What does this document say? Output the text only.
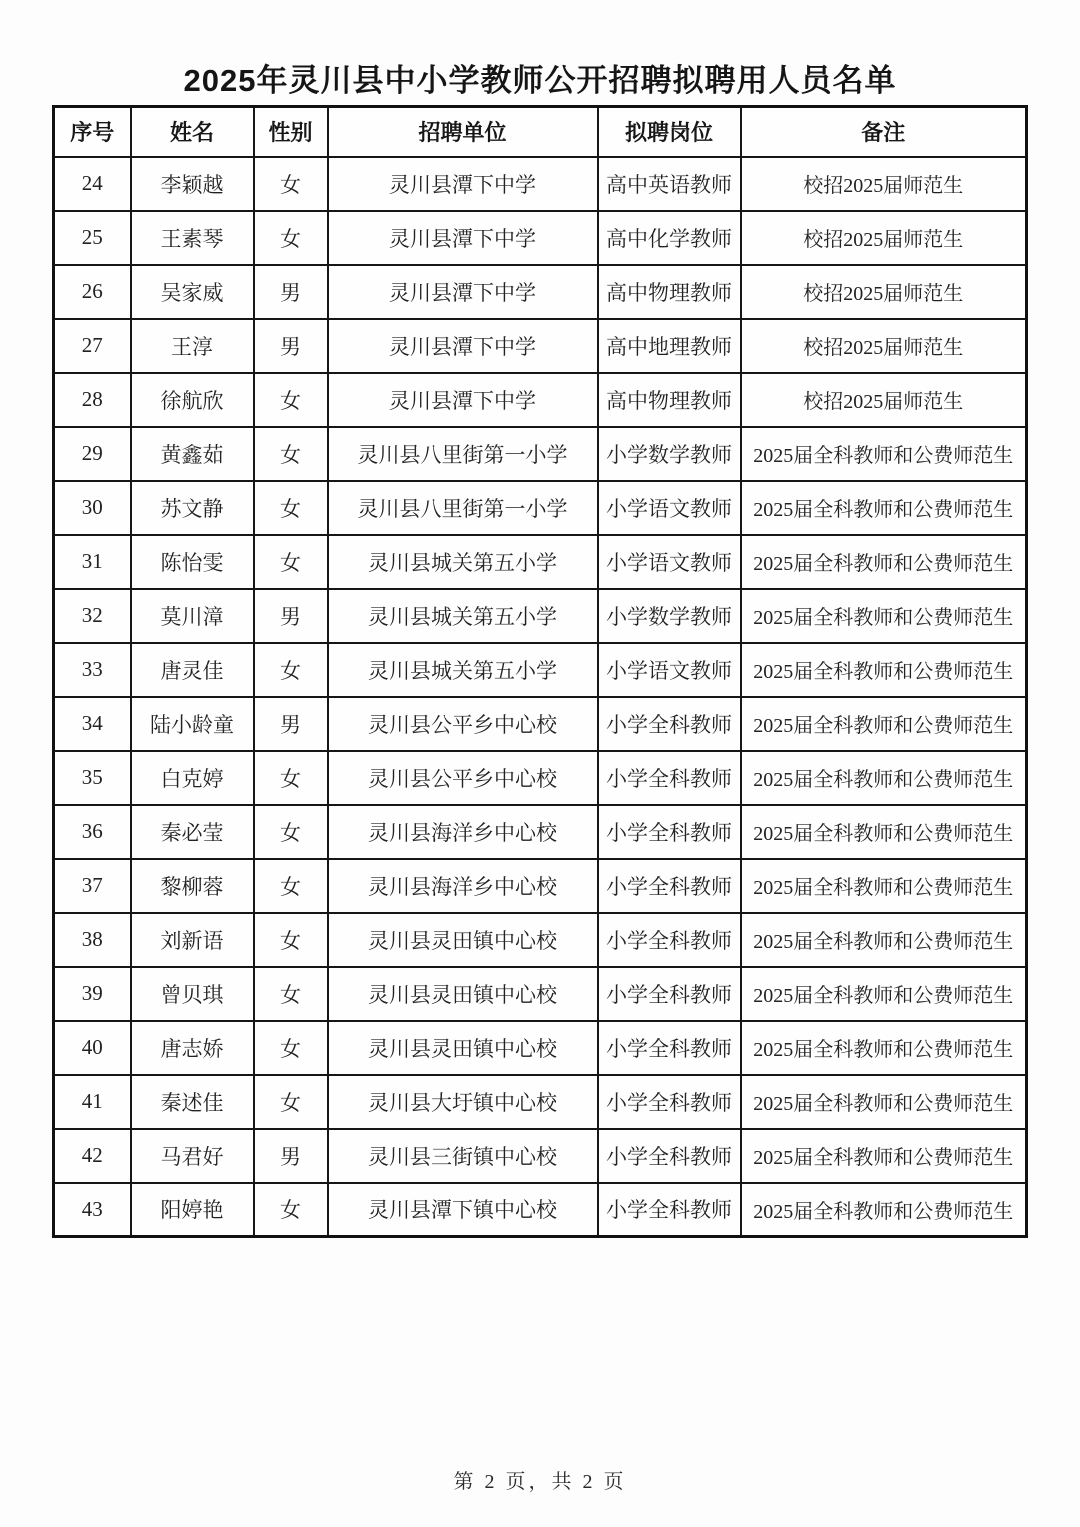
2025年灵川县中小学教师公开招聘拟聘用人员名单
序号	姓名	性别	招聘单位	拟聘岗位	备注
24	李颖越	女	灵川县潭下中学	高中英语教师	校招2025届师范生
25	王素琴	女	灵川县潭下中学	高中化学教师	校招2025届师范生
26	吴家威	男	灵川县潭下中学	高中物理教师	校招2025届师范生
27	王淳	男	灵川县潭下中学	高中地理教师	校招2025届师范生
28	徐航欣	女	灵川县潭下中学	高中物理教师	校招2025届师范生
29	黄鑫茹	女	灵川县八里街第一小学	小学数学教师	2025届全科教师和公费师范生
30	苏文静	女	灵川县八里街第一小学	小学语文教师	2025届全科教师和公费师范生
31	陈怡雯	女	灵川县城关第五小学	小学语文教师	2025届全科教师和公费师范生
32	莫川漳	男	灵川县城关第五小学	小学数学教师	2025届全科教师和公费师范生
33	唐灵佳	女	灵川县城关第五小学	小学语文教师	2025届全科教师和公费师范生
34	陆小龄童	男	灵川县公平乡中心校	小学全科教师	2025届全科教师和公费师范生
35	白克婷	女	灵川县公平乡中心校	小学全科教师	2025届全科教师和公费师范生
36	秦必莹	女	灵川县海洋乡中心校	小学全科教师	2025届全科教师和公费师范生
37	黎柳蓉	女	灵川县海洋乡中心校	小学全科教师	2025届全科教师和公费师范生
38	刘新语	女	灵川县灵田镇中心校	小学全科教师	2025届全科教师和公费师范生
39	曾贝琪	女	灵川县灵田镇中心校	小学全科教师	2025届全科教师和公费师范生
40	唐志娇	女	灵川县灵田镇中心校	小学全科教师	2025届全科教师和公费师范生
41	秦述佳	女	灵川县大圩镇中心校	小学全科教师	2025届全科教师和公费师范生
42	马君好	男	灵川县三街镇中心校	小学全科教师	2025届全科教师和公费师范生
43	阳婷艳	女	灵川县潭下镇中心校	小学全科教师	2025届全科教师和公费师范生
第 2 页，共 2 页
